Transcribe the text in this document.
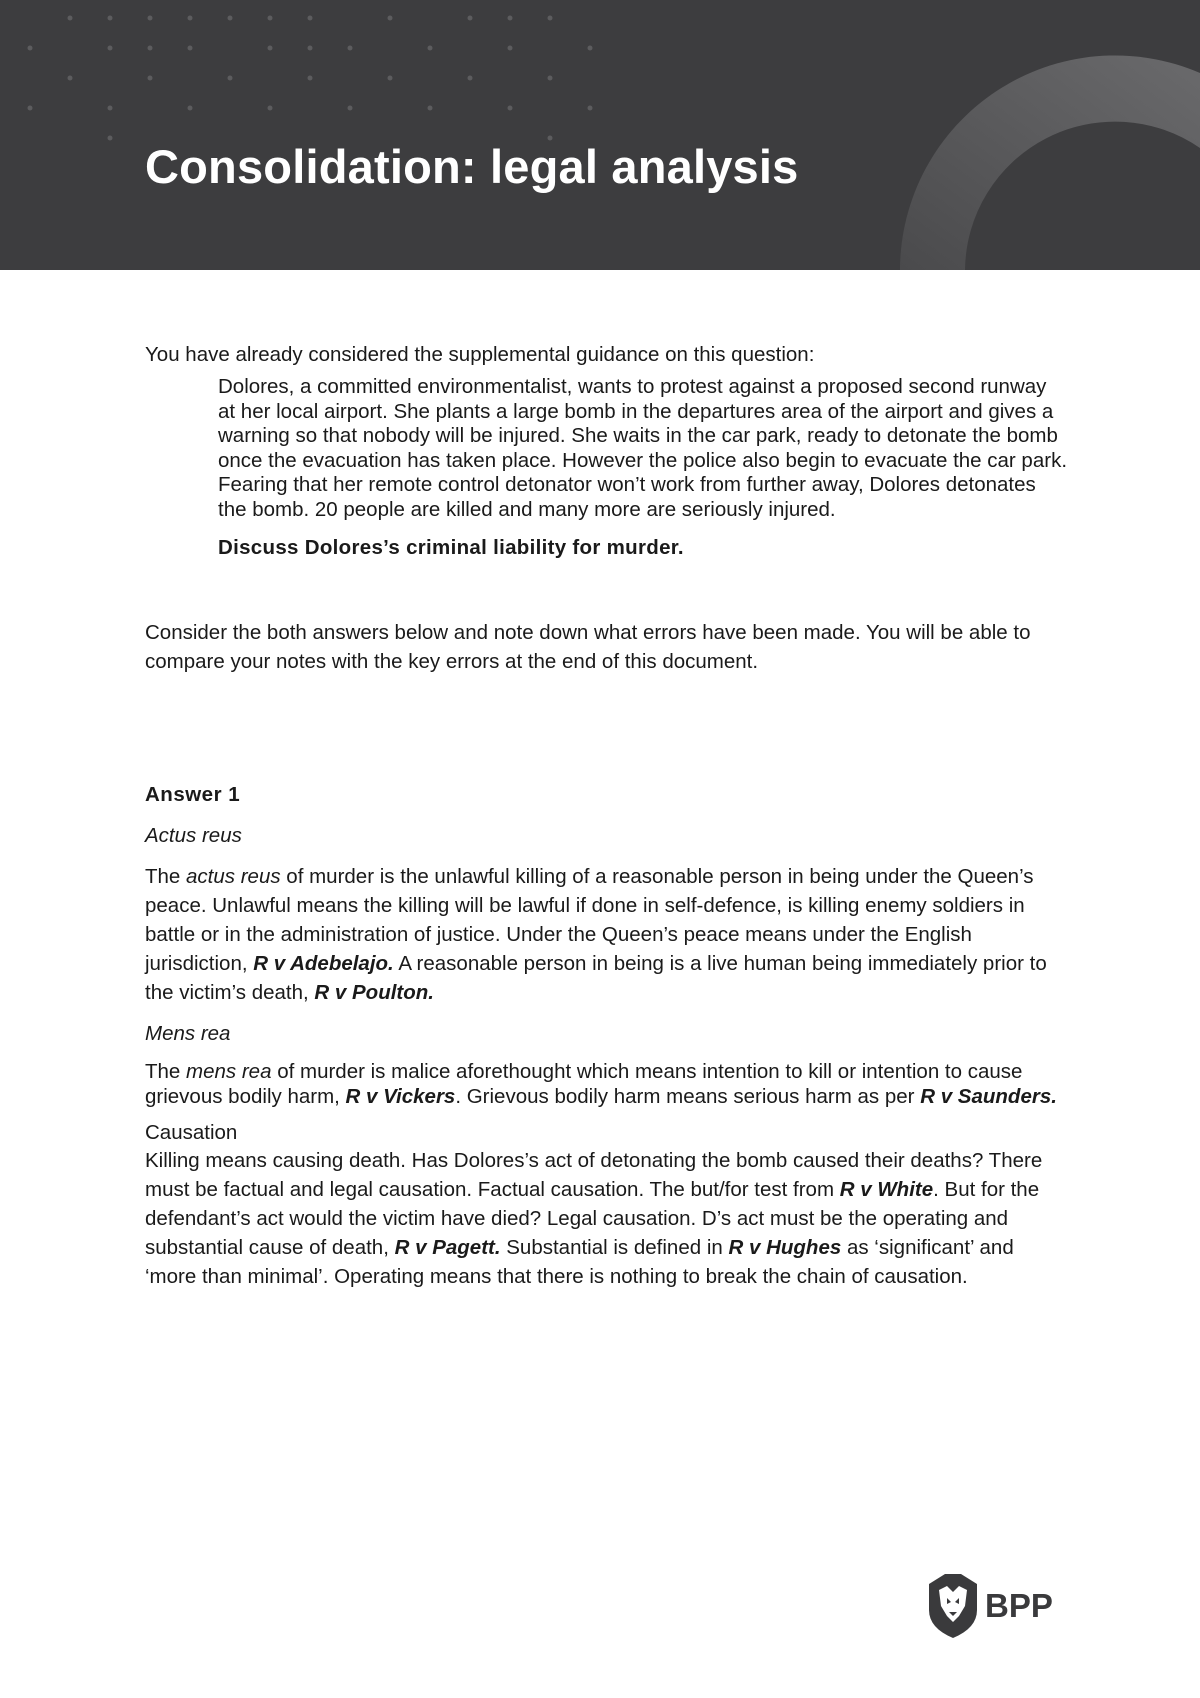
Consolidation: legal analysis

You have already considered the supplemental guidance on this question:

Dolores, a committed environmentalist, wants to protest against a proposed second runway at her local airport. She plants a large bomb in the departures area of the airport and gives a warning so that nobody will be injured. She waits in the car park, ready to detonate the bomb once the evacuation has taken place. However the police also begin to evacuate the car park. Fearing that her remote control detonator won’t work from further away, Dolores detonates the bomb. 20 people are killed and many more are seriously injured.

Discuss Dolores’s criminal liability for murder.

Consider the both answers below and note down what errors have been made. You will be able to compare your notes with the key errors at the end of this document.

Answer 1

Actus reus

The actus reus of murder is the unlawful killing of a reasonable person in being under the Queen’s peace. Unlawful means the killing will be lawful if done in self-defence, is killing enemy soldiers in battle or in the administration of justice. Under the Queen’s peace means under the English jurisdiction, R v Adebelajo. A reasonable person in being is a live human being immediately prior to the victim’s death, R v Poulton.

Mens rea

The mens rea of murder is malice aforethought which means intention to kill or intention to cause grievous bodily harm, R v Vickers. Grievous bodily harm means serious harm as per R v Saunders.

Causation

Killing means causing death. Has Dolores’s act of detonating the bomb caused their deaths? There must be factual and legal causation. Factual causation. The but/for test from R v White. But for the defendant’s act would the victim have died? Legal causation. D’s act must be the operating and substantial cause of death, R v Pagett. Substantial is defined in R v Hughes as ‘significant’ and ‘more than minimal’. Operating means that there is nothing to break the chain of causation.

BPP
